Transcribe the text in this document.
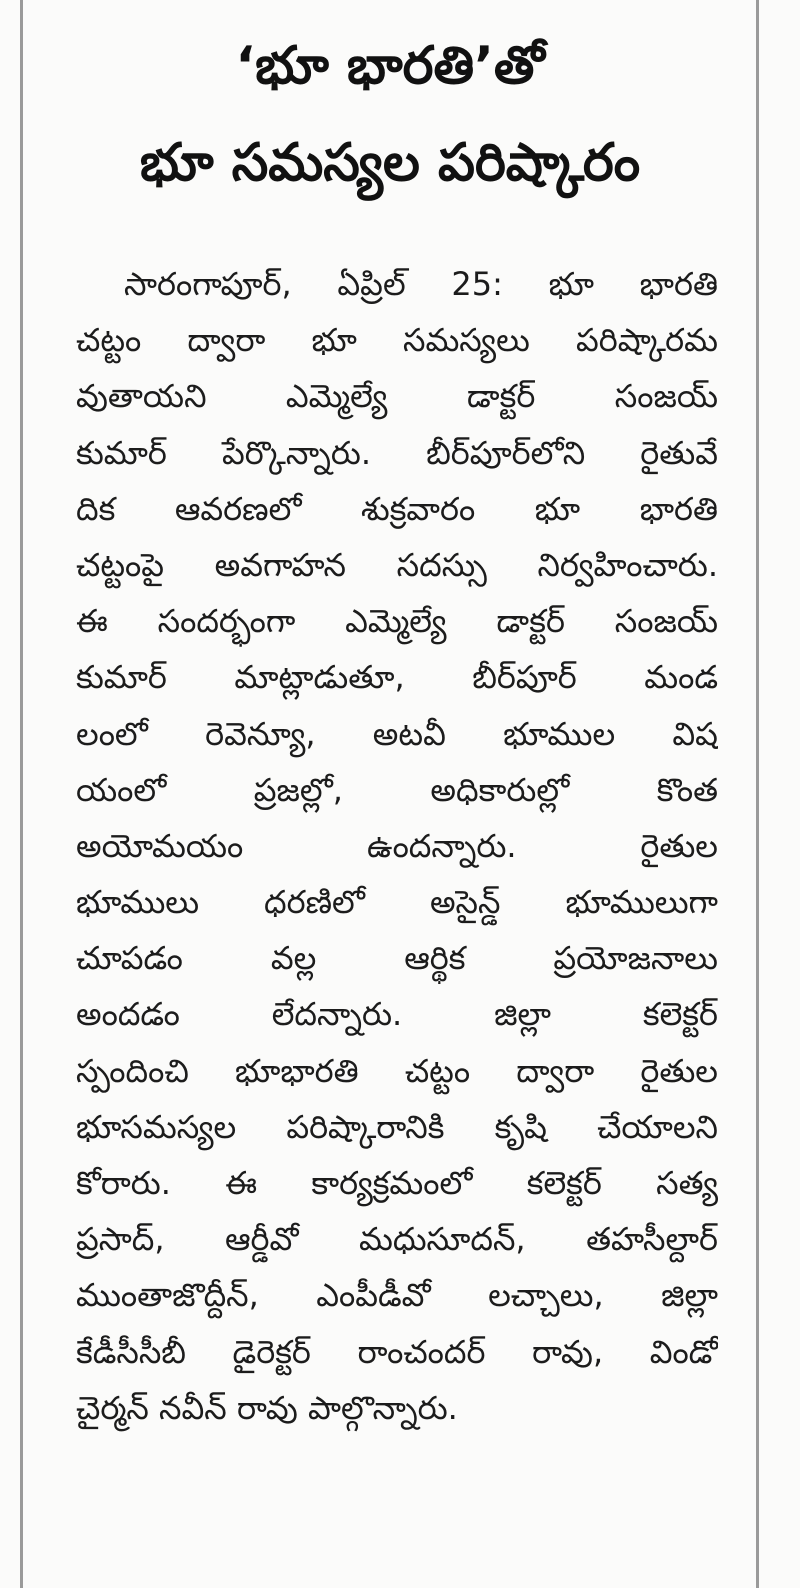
‘భూ భారతి’తో
భూ సమస్యల పరిష్కారం
సారంగాపూర్, ఏప్రిల్ 25: భూ భారతి
చట్టం ద్వారా భూ సమస్యలు పరిష్కారమ
వుతాయని ఎమ్మెల్యే డాక్టర్ సంజయ్
కుమార్ పేర్కొన్నారు. బీర్‌పూర్‌లోని రైతువే
దిక ఆవరణలో శుక్రవారం భూ భారతి
చట్టంపై అవగాహన సదస్సు నిర్వహించారు.
ఈ సందర్భంగా ఎమ్మెల్యే డాక్టర్ సంజయ్
కుమార్ మాట్లాడుతూ, బీర్‌పూర్ మండ
లంలో రెవెన్యూ, అటవీ భూముల విష
యంలో ప్రజల్లో, అధికారుల్లో కొంత
అయోమయం ఉందన్నారు. రైతుల
భూములు ధరణిలో అసైన్డ్ భూములుగా
చూపడం వల్ల ఆర్థిక ప్రయోజనాలు
అందడం లేదన్నారు. జిల్లా కలెక్టర్
స్పందించి భూభారతి చట్టం ద్వారా రైతుల
భూసమస్యల పరిష్కారానికి కృషి చేయాలని
కోరారు. ఈ కార్యక్రమంలో కలెక్టర్ సత్య
ప్రసాద్, ఆర్డీవో మధుసూదన్, తహసీల్దార్
ముంతాజొద్దీన్, ఎంపీడీవో లచ్చాలు, జిల్లా
కేడీసీసీబీ డైరెక్టర్ రాంచందర్ రావు, విండో
చైర్మన్ నవీన్ రావు పాల్గొన్నారు.
